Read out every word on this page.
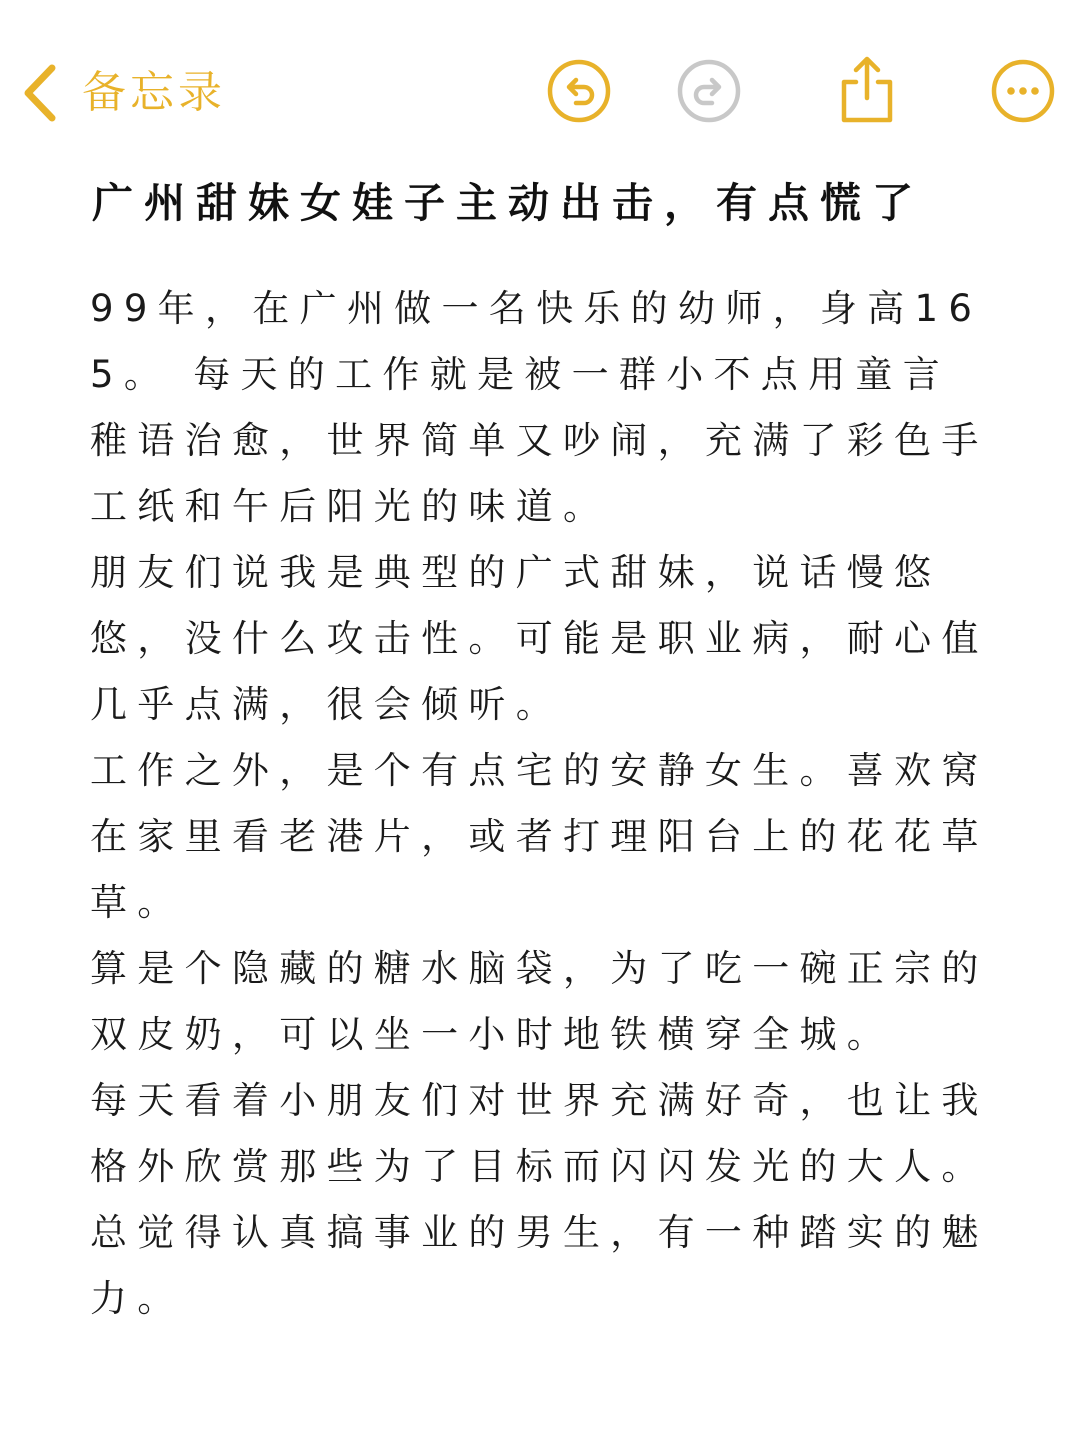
备忘录
广州甜妹女娃子主动出击，有点慌了

99年，在广州做一名快乐的幼师，身高165。 每天的工作就是被一群小不点用童言稚语治愈，世界简单又吵闹，充满了彩色手工纸和午后阳光的味道。

朋友们说我是典型的广式甜妹，说话慢悠悠，没什么攻击性。可能是职业病，耐心值几乎点满，很会倾听。

工作之外，是个有点宅的安静女生。喜欢窝在家里看老港片，或者打理阳台上的花花草草。

算是个隐藏的糖水脑袋，为了吃一碗正宗的双皮奶，可以坐一小时地铁横穿全城。

每天看着小朋友们对世界充满好奇，也让我格外欣赏那些为了目标而闪闪发光的大人。总觉得认真搞事业的男生，有一种踏实的魅力。
